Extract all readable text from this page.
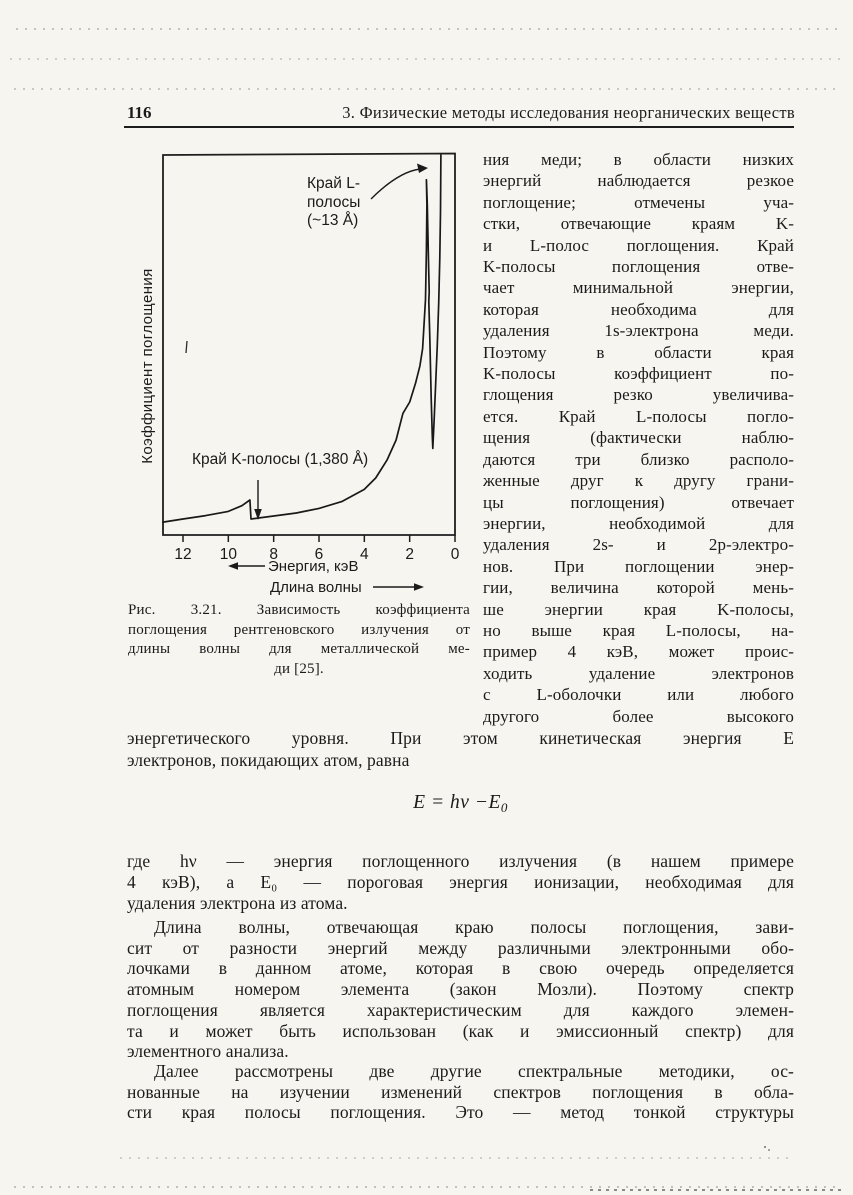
116	3. Физические методы исследования неорганических веществ
12 10 8 6 4 2 0
Энергия, кэВ
Длина волны
Коэффициент поглощения
Край L-
полосы
(~13 Å)
Край K-полосы (1,380 Å)
Рис. 3.21. Зависимость коэффициента
поглощения рентгеновского излучения от
длины волны для металлической ме-
ди [25].
ния меди; в области низких
энергий наблюдается резкое
поглощение; отмечены уча-
стки, отвечающие краям K-
и L-полос поглощения. Край
K-полосы поглощения отве-
чает минимальной энергии,
которая необходима для
удаления 1s-электрона меди.
Поэтому в области края
K-полосы коэффициент по-
глощения резко увеличива-
ется. Край L-полосы погло-
щения (фактически наблю-
даются три близко располо-
женные друг к другу грани-
цы поглощения) отвечает
энергии, необходимой для
удаления 2s- и 2p-электро-
нов. При поглощении энер-
гии, величина которой мень-
ше энергии края K-полосы,
но выше края L-полосы, на-
пример 4 кэВ, может проис-
ходить удаление электронов
с L-оболочки или любого
другого более высокого
энергетического уровня. При этом кинетическая энергия E
электронов, покидающих атом, равна
$E = h\nu -E_0$
где hν — энергия поглощенного излучения (в нашем примере
4 кэВ), а E₀ — пороговая энергия ионизации, необходимая для
удаления электрона из атома.
Длина волны, отвечающая краю полосы поглощения, зави-
сит от разности энергий между различными электронными обо-
лочками в данном атоме, которая в свою очередь определяется
атомным номером элемента (закон Мозли). Поэтому спектр
поглощения является характеристическим для каждого элемен-
та и может быть использован (как и эмиссионный спектр) для
элементного анализа.
Далее рассмотрены две другие спектральные методики, ос-
нованные на изучении изменений спектров поглощения в обла-
сти края полосы поглощения. Это — метод тонкой структуры
